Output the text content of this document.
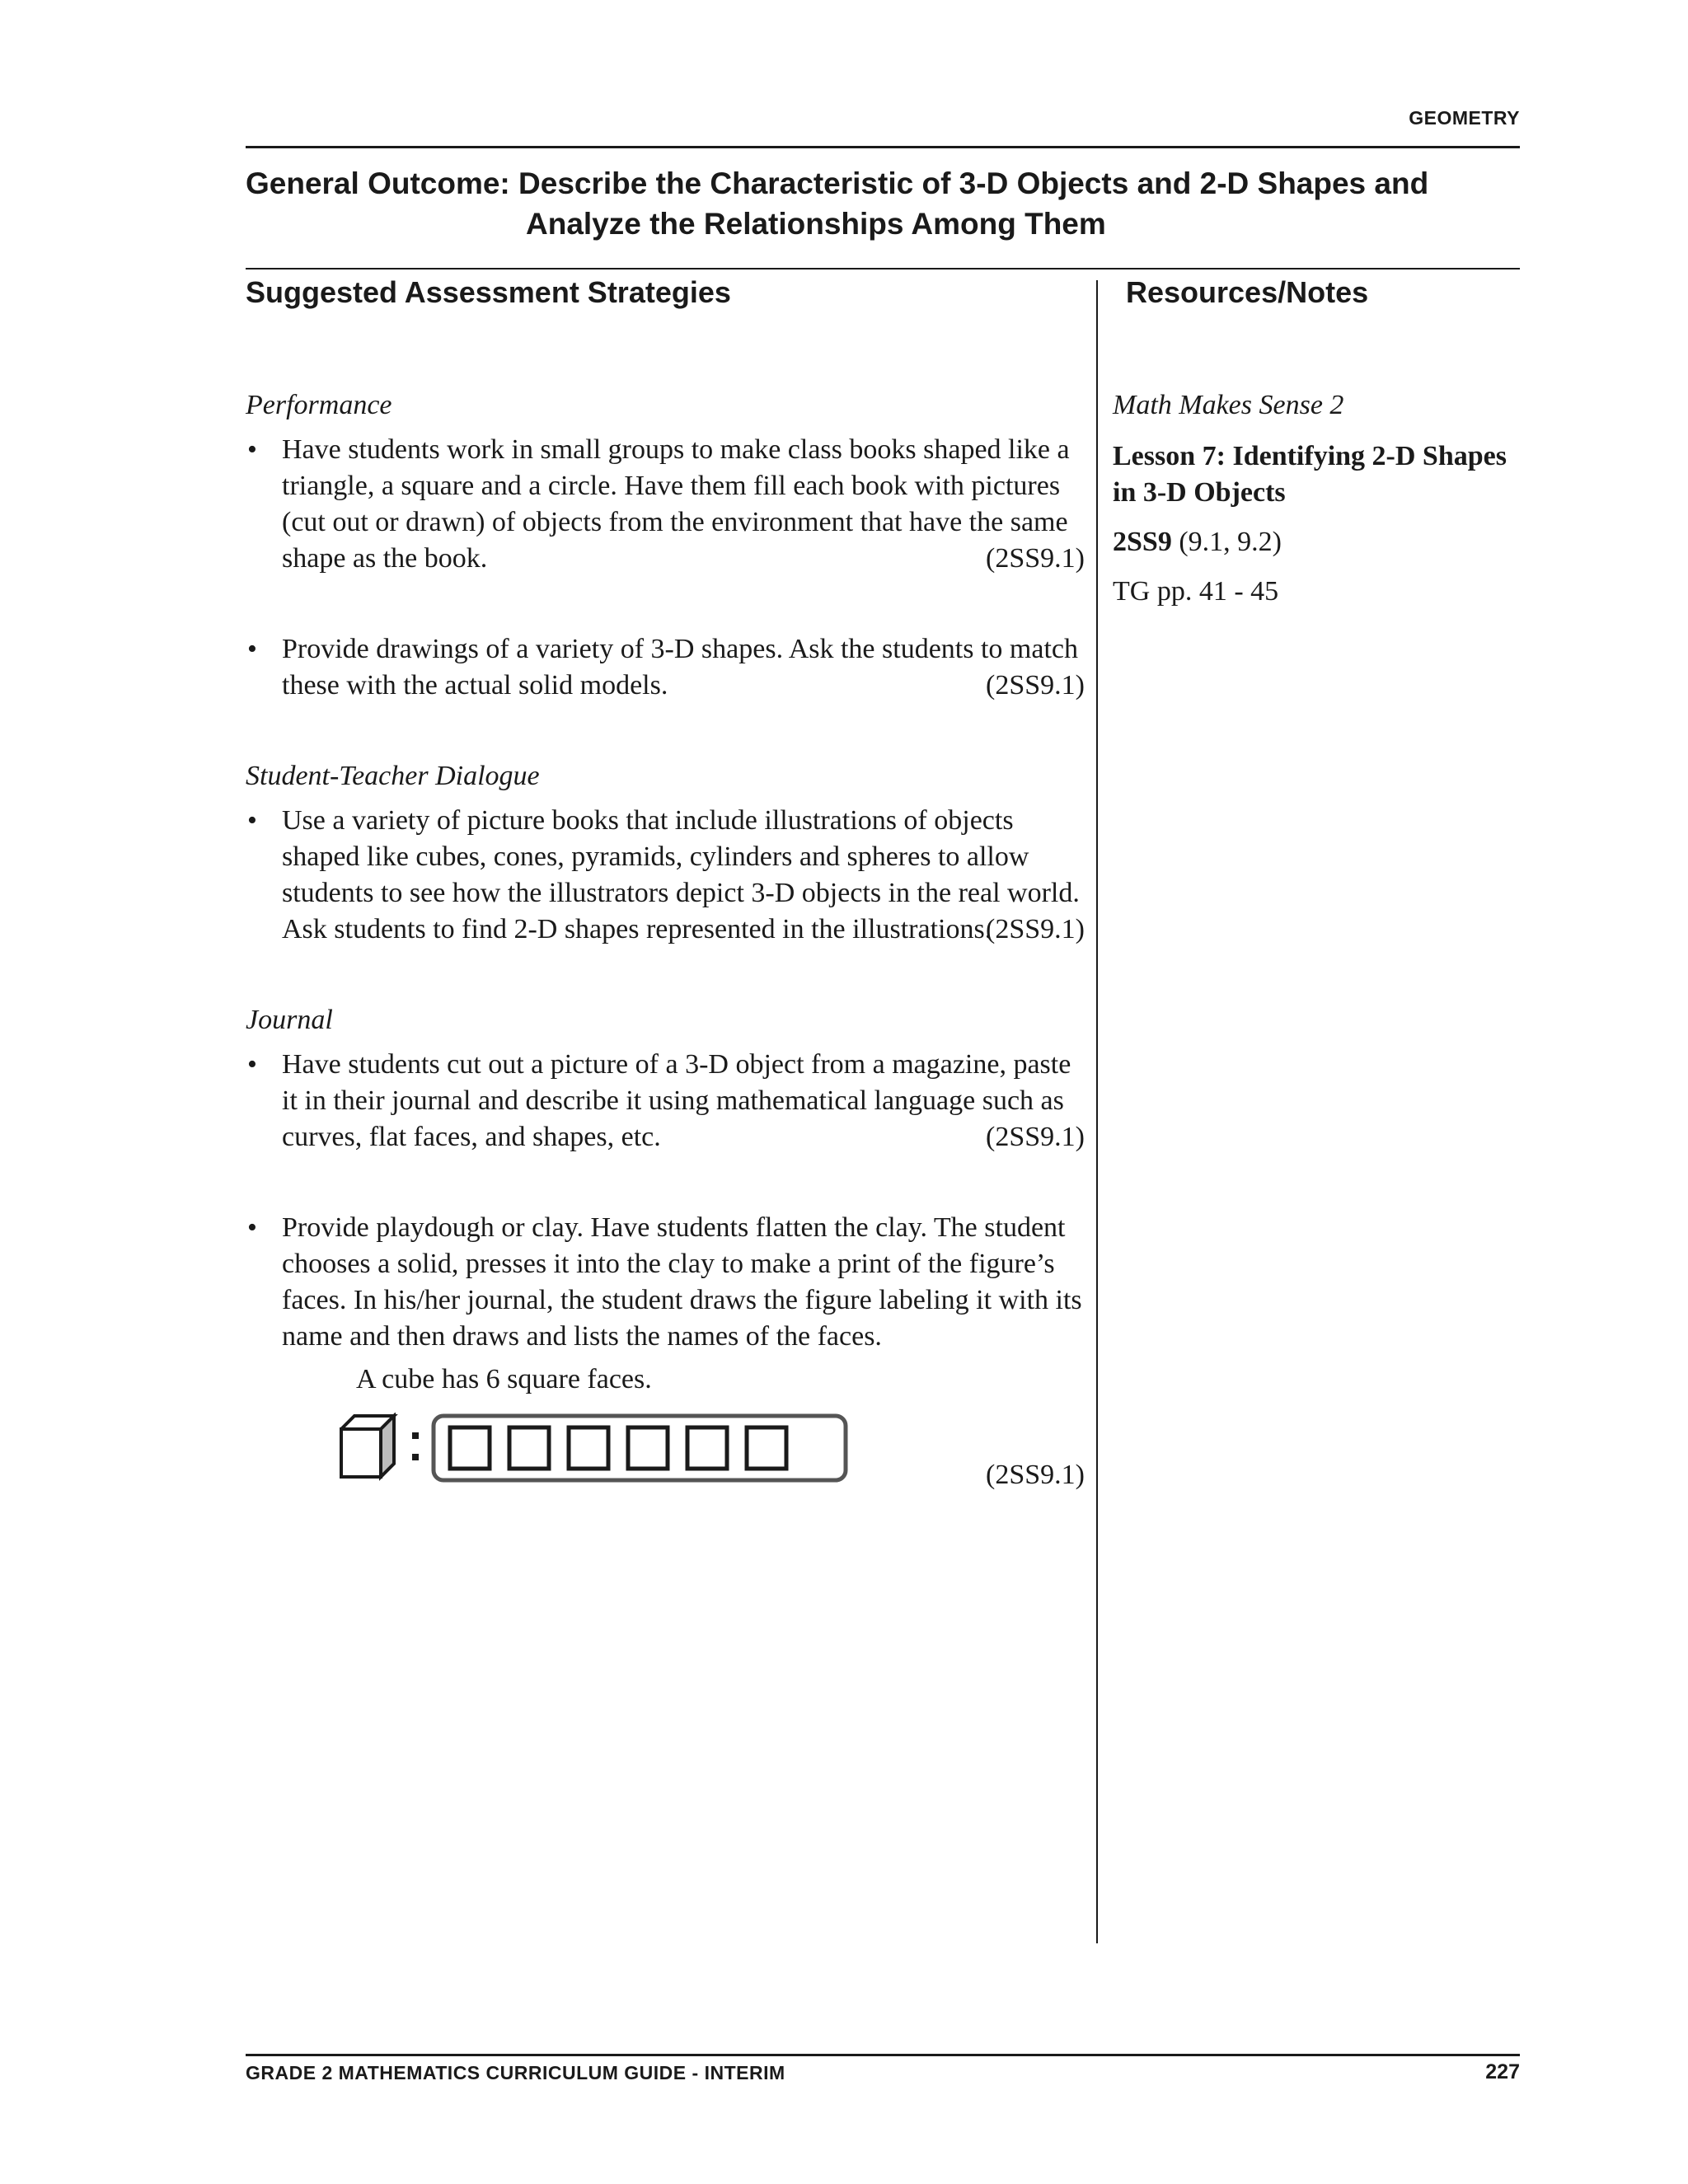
GEOMETRY
General Outcome: Describe the Characteristic of 3-D Objects and 2-D Shapes and
Analyze the Relationships Among Them
Suggested Assessment Strategies	Resources/Notes
Performance
• Have students work in small groups to make class books shaped like a triangle, a square and a circle. Have them fill each book with pictures (cut out or drawn) of objects from the environment that have the same shape as the book.	(2SS9.1)
• Provide drawings of a variety of 3-D shapes. Ask the students to match these with the actual solid models.	(2SS9.1)
Student-Teacher Dialogue
• Use a variety of picture books that include illustrations of objects shaped like cubes, cones, pyramids, cylinders and spheres to allow students to see how the illustrators depict 3-D objects in the real world. Ask students to find 2-D shapes represented in the illustrations.
(2SS9.1)
Journal
• Have students cut out a picture of a 3-D object from a magazine, paste it in their journal and describe it using mathematical language such as curves, flat faces, and shapes, etc.	(2SS9.1)
• Provide playdough or clay. Have students flatten the clay. The student chooses a solid, presses it into the clay to make a print of the figure’s faces. In his/her journal, the student draws the figure labeling it with its name and then draws and lists the names of the faces.
A cube has 6 square faces.
(2SS9.1)
Math Makes Sense 2
Lesson 7: Identifying 2-D Shapes in 3-D Objects
2SS9 (9.1, 9.2)
TG pp. 41 - 45
GRADE 2 MATHEMATICS CURRICULUM GUIDE - INTERIM	227
